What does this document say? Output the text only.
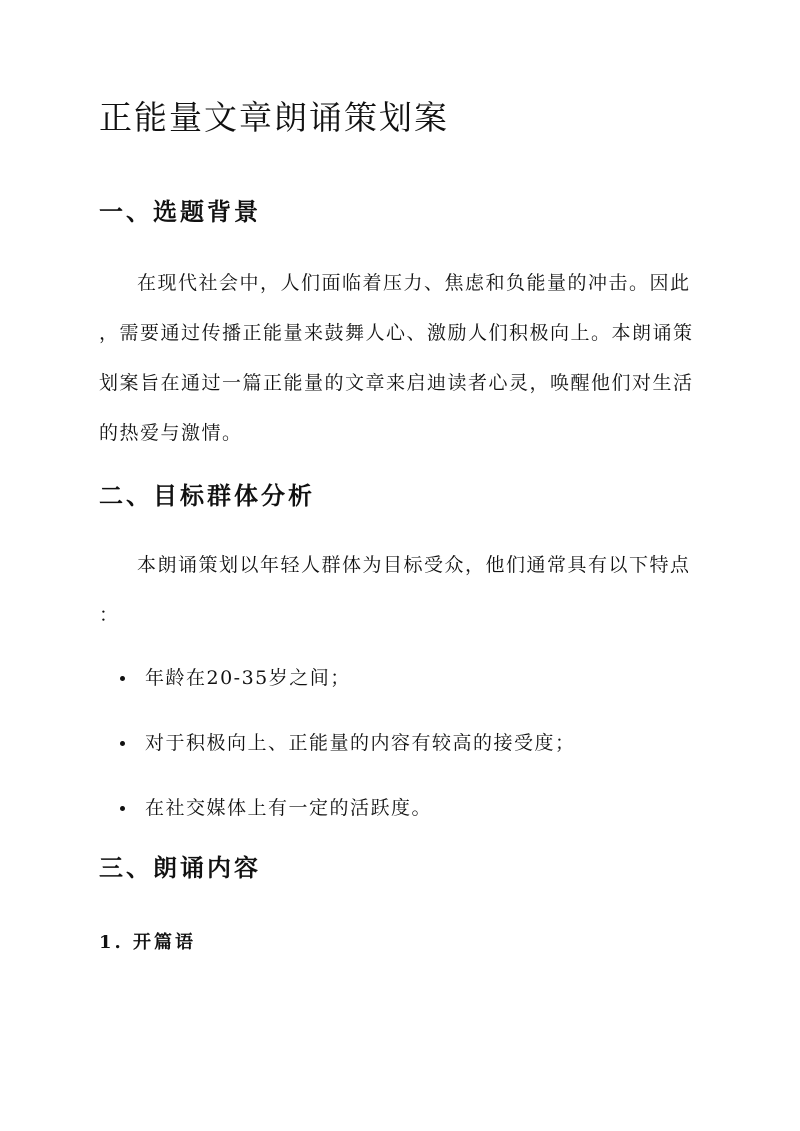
正能量文章朗诵策划案
一、选题背景
在现代社会中，人们面临着压力、焦虑和负能量的冲击。因此
，需要通过传播正能量来鼓舞人心、激励人们积极向上。本朗诵策
划案旨在通过一篇正能量的文章来启迪读者心灵，唤醒他们对生活
的热爱与激情。
二、目标群体分析
本朗诵策划以年轻人群体为目标受众，他们通常具有以下特点
：
年龄在20-35岁之间；
对于积极向上、正能量的内容有较高的接受度；
在社交媒体上有一定的活跃度。
三、朗诵内容
1. 开篇语
